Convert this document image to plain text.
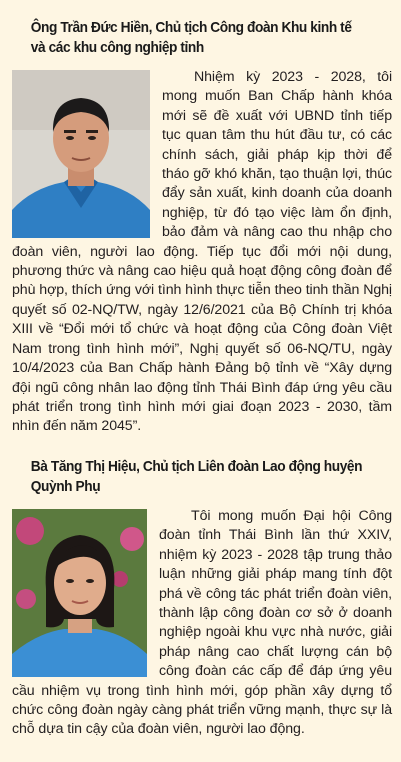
Ông Trần Đức Hiền, Chủ tịch Công đoàn Khu kinh tế
và các khu công nghiệp tỉnh

Nhiệm kỳ 2023 - 2028, tôi mong muốn Ban Chấp hành khóa mới sẽ đề xuất với UBND tỉnh tiếp tục quan tâm thu hút đầu tư, có các chính sách, giải pháp kịp thời để tháo gỡ khó khăn, tạo thuận lợi, thúc đẩy sản xuất, kinh doanh của doanh nghiệp, từ đó tạo việc làm ổn định, bảo đảm và nâng cao thu nhập cho đoàn viên, người lao động. Tiếp tục đổi mới nội dung, phương thức và nâng cao hiệu quả hoạt động công đoàn để phù hợp, thích ứng với tình hình thực tiễn theo tinh thần Nghị quyết số 02-NQ/TW, ngày 12/6/2021 của Bộ Chính trị khóa XIII về “Đổi mới tổ chức và hoạt động của Công đoàn Việt Nam trong tình hình mới”, Nghị quyết số 06-NQ/TU, ngày 10/4/2023 của Ban Chấp hành Đảng bộ tỉnh về “Xây dựng đội ngũ công nhân lao động tỉnh Thái Bình đáp ứng yêu cầu phát triển trong tình hình mới giai đoạn 2023 - 2030, tầm nhìn đến năm 2045”.

Bà Tăng Thị Hiệu, Chủ tịch Liên đoàn Lao động huyện Quỳnh Phụ

Tôi mong muốn Đại hội Công đoàn tỉnh Thái Bình lần thứ XXIV, nhiệm kỳ 2023 - 2028 tập trung thảo luận những giải pháp mang tính đột phá về công tác phát triển đoàn viên, thành lập công đoàn cơ sở ở doanh nghiệp ngoài khu vực nhà nước, giải pháp nâng cao chất lượng cán bộ công đoàn các cấp để đáp ứng yêu cầu nhiệm vụ trong tình hình mới, góp phần xây dựng tổ chức công đoàn ngày càng phát triển vững mạnh, thực sự là chỗ dựa tin cậy của đoàn viên, người lao động.
